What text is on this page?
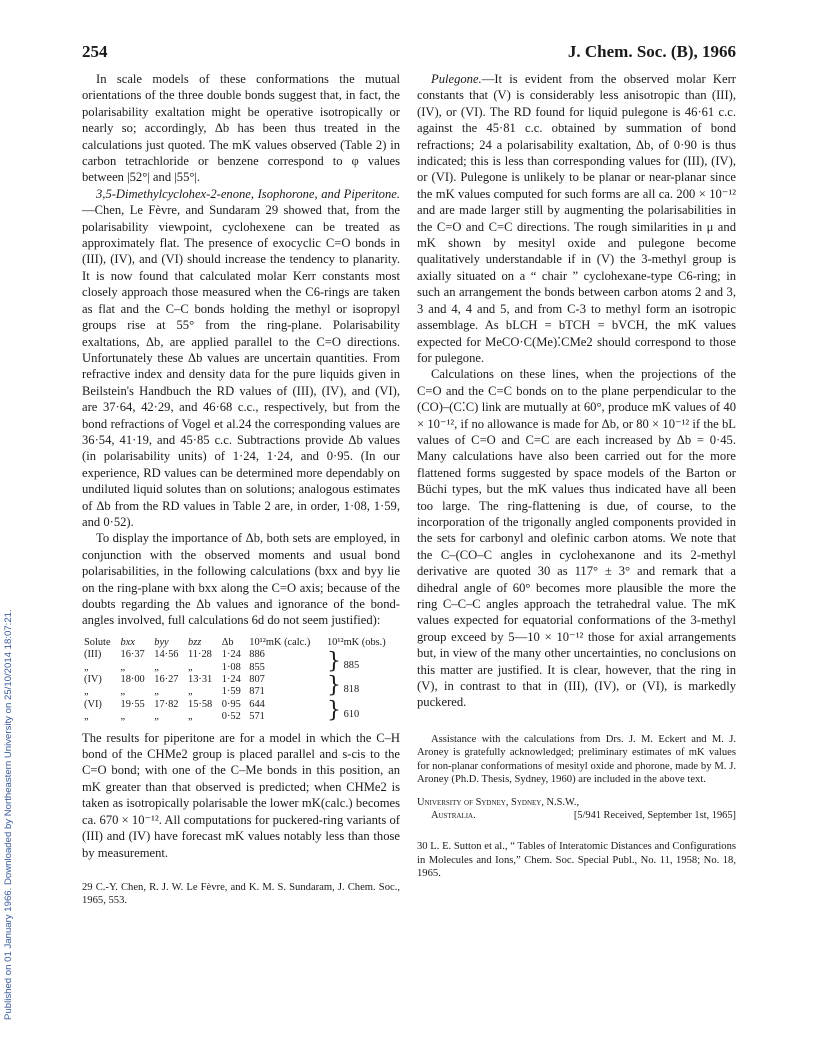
Published on 01 January 1966. Downloaded by Northeastern University on 25/10/2014 18:07:21.
254	J. Chem. Soc. (B), 1966

In scale models of these conformations the mutual orientations of the three double bonds suggest that, in fact, the polarisability exaltation might be operative isotropically or nearly so; accordingly, Δb has been thus treated in the calculations just quoted. The mK values observed (Table 2) in carbon tetrachloride or benzene correspond to φ values between |52°| and |55°|.

3,5-Dimethylcyclohex-2-enone, Isophorone, and Piperitone.—Chen, Le Fèvre, and Sundaram 29 showed that, from the polarisability viewpoint, cyclohexene can be treated as approximately flat. The presence of exocyclic C=O bonds in (III), (IV), and (VI) should increase the tendency to planarity. It is now found that calculated molar Kerr constants most closely approach those measured when the C6-rings are taken as flat and the C–C bonds holding the methyl or isopropyl groups rise at 55° from the ring-plane. Polarisability exaltations, Δb, are applied parallel to the C=O directions. Unfortunately these Δb values are uncertain quantities. From refractive index and density data for the pure liquids given in Beilstein's Handbuch the RD values of (III), (IV), and (VI), are 37·64, 42·29, and 46·68 c.c., respectively, but from the bond refractions of Vogel et al.24 the corresponding values are 36·54, 41·19, and 45·85 c.c. Subtractions provide Δb values (in polarisability units) of 1·24, 1·24, and 0·95. (In our experience, RD values can be determined more dependably on undiluted liquid solutes than on solutions; analogous estimates of Δb from the RD values in Table 2 are, in order, 1·08, 1·59, and 0·52).

To display the importance of Δb, both sets are employed, in conjunction with the observed moments and usual bond polarisabilities, in the following calculations (bxx and byy lie on the ring-plane with bxx along the C=O axis; because of the doubts regarding the Δb values and ignorance of the bond-angles involved, full calculations 6d do not seem justified):

Solute	bxx	byy	bzz	Δb	10¹²mK (calc.)	10¹²mK (obs.)
(III)	16·37	14·56	11·28	1·24	886	} 885
„	„	„	„	1·08	855	
(IV)	18·00	16·27	13·31	1·24	807	} 818
„	„	„	„	1·59	871	
(VI)	19·55	17·82	15·58	0·95	644	} 610
„	„	„	„	0·52	571	

The results for piperitone are for a model in which the C–H bond of the CHMe2 group is placed parallel and s-cis to the C=O bond; with one of the C–Me bonds in this position, an mK greater than that observed is predicted; when CHMe2 is taken as isotropically polarisable the lower mK(calc.) becomes ca. 670 × 10⁻¹². All computations for puckered-ring variants of (III) and (IV) have forecast mK values notably less than those by measurement.

29 C.-Y. Chen, R. J. W. Le Fèvre, and K. M. S. Sundaram, J. Chem. Soc., 1965, 553.

Pulegone.—It is evident from the observed molar Kerr constants that (V) is considerably less anisotropic than (III), (IV), or (VI). The RD found for liquid pulegone is 46·61 c.c. against the 45·81 c.c. obtained by summation of bond refractions; 24 a polarisability exaltation, Δb, of 0·90 is thus indicated; this is less than corresponding values for (III), (IV), or (VI). Pulegone is unlikely to be planar or near-planar since the mK values computed for such forms are all ca. 200 × 10⁻¹² and are made larger still by augmenting the polarisabilities in the C=O and C=C directions. The rough similarities in μ and mK shown by mesityl oxide and pulegone become qualitatively understandable if in (V) the 3-methyl group is axially situated on a “ chair ” cyclohexane-type C6-ring; in such an arrangement the bonds between carbon atoms 2 and 3, 3 and 4, 4 and 5, and from C-3 to methyl form an isotropic assemblage. As bLCH = bTCH = bVCH, the mK values expected for MeCO·C(Me)⁚CMe2 should correspond to those for pulegone.

Calculations on these lines, when the projections of the C=O and the C=C bonds on to the plane perpendicular to the (CO)–(C⁚C) link are mutually at 60°, produce mK values of 40 × 10⁻¹², if no allowance is made for Δb, or 80 × 10⁻¹² if the bL values of C=O and C=C are each increased by Δb = 0·45. Many calculations have also been carried out for the more flattened forms suggested by space models of the Barton or Büchi types, but the mK values thus indicated have all been too large. The ring-flattening is due, of course, to the incorporation of the trigonally angled components provided in the sets for carbonyl and olefinic carbon atoms. We note that the C–(CO–C angles in cyclohexanone and its 2-methyl derivative are quoted 30 as 117° ± 3° and remark that a dihedral angle of 60° becomes more plausible the more the ring C–C–C angles approach the tetrahedral value. The mK values expected for equatorial conformations of the 3-methyl group exceed by 5—10 × 10⁻¹² those for axial arrangements but, in view of the many other uncertainties, no conclusions on this matter are justified. It is clear, however, that the ring in (V), in contrast to that in (III), (IV), or (VI), is markedly puckered.

Assistance with the calculations from Drs. J. M. Eckert and M. J. Aroney is gratefully acknowledged; preliminary estimates of mK values for non-planar conformations of mesityl oxide and phorone, made by M. J. Aroney (Ph.D. Thesis, Sydney, 1960) are included in the above text.

University of Sydney, Sydney, N.S.W.,
Australia.	[5/941 Received, September 1st, 1965]
30 L. E. Sutton et al., “ Tables of Interatomic Distances and Configurations in Molecules and Ions,” Chem. Soc. Special Publ., No. 11, 1958; No. 18, 1965.
